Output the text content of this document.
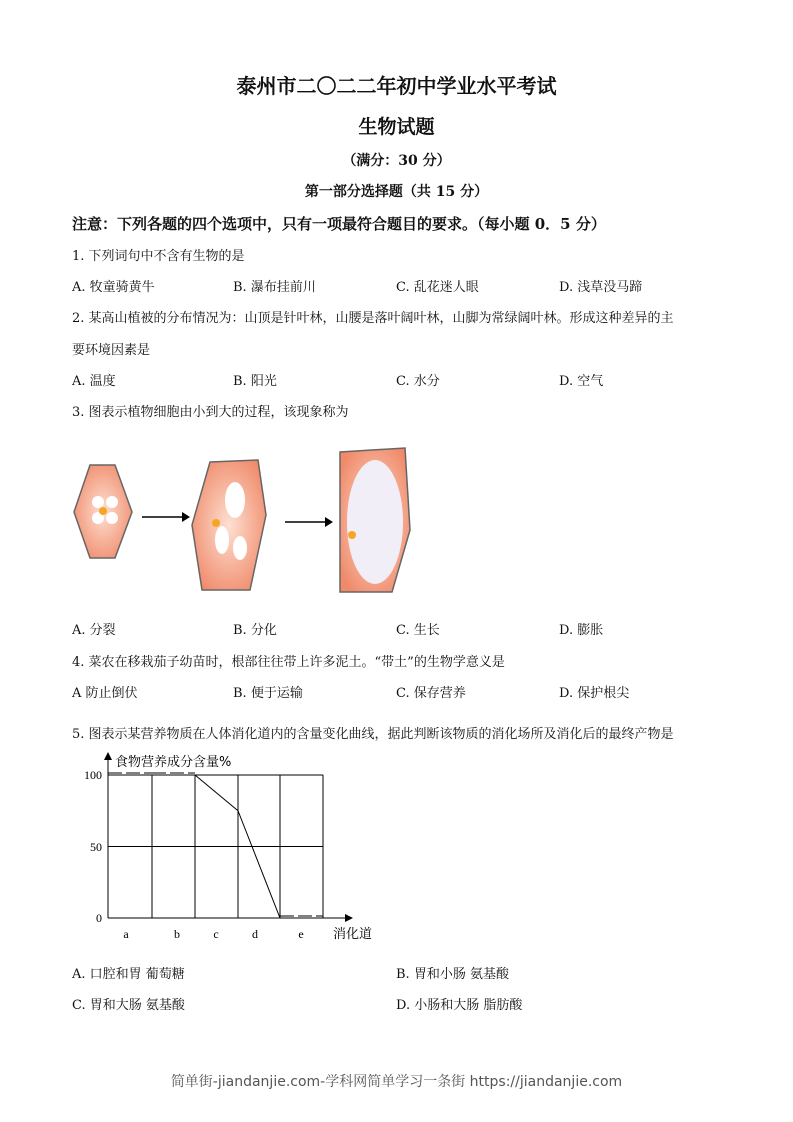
泰州市二〇二二年初中学业水平考试
生物试题
（满分：30 分）
第一部分选择题（共 15 分）
注意：下列各题的四个选项中，只有一项最符合题目的要求。（每小题 0．5 分）
1. 下列词句中不含有生物的是
A. 牧童骑黄牛	B. 瀑布挂前川	C. 乱花迷人眼	D. 浅草没马蹄
2. 某高山植被的分布情况为：山顶是针叶林，山腰是落叶阔叶林，山脚为常绿阔叶林。形成这种差异的主
要环境因素是
A. 温度	B. 阳光	C. 水分	D. 空气
3. 图表示植物细胞由小到大的过程，该现象称为
A. 分裂	B. 分化	C. 生长	D. 膨胀
4. 菜农在移栽茄子幼苗时，根部往往带上许多泥土。“带土”的生物学意义是
A 防止倒伏	B. 便于运输	C. 保存营养	D. 保护根尖
5. 图表示某营养物质在人体消化道内的含量变化曲线，据此判断该物质的消化场所及消化后的最终产物是
食物营养成分含量%
消化道
100
50
0
a	b	c	d	e
A. 口腔和胃 葡萄糖	B. 胃和小肠 氨基酸
C. 胃和大肠 氨基酸	D. 小肠和大肠 脂肪酸
简单街-jiandanjie.com-学科网简单学习一条街 https://jiandanjie.com
